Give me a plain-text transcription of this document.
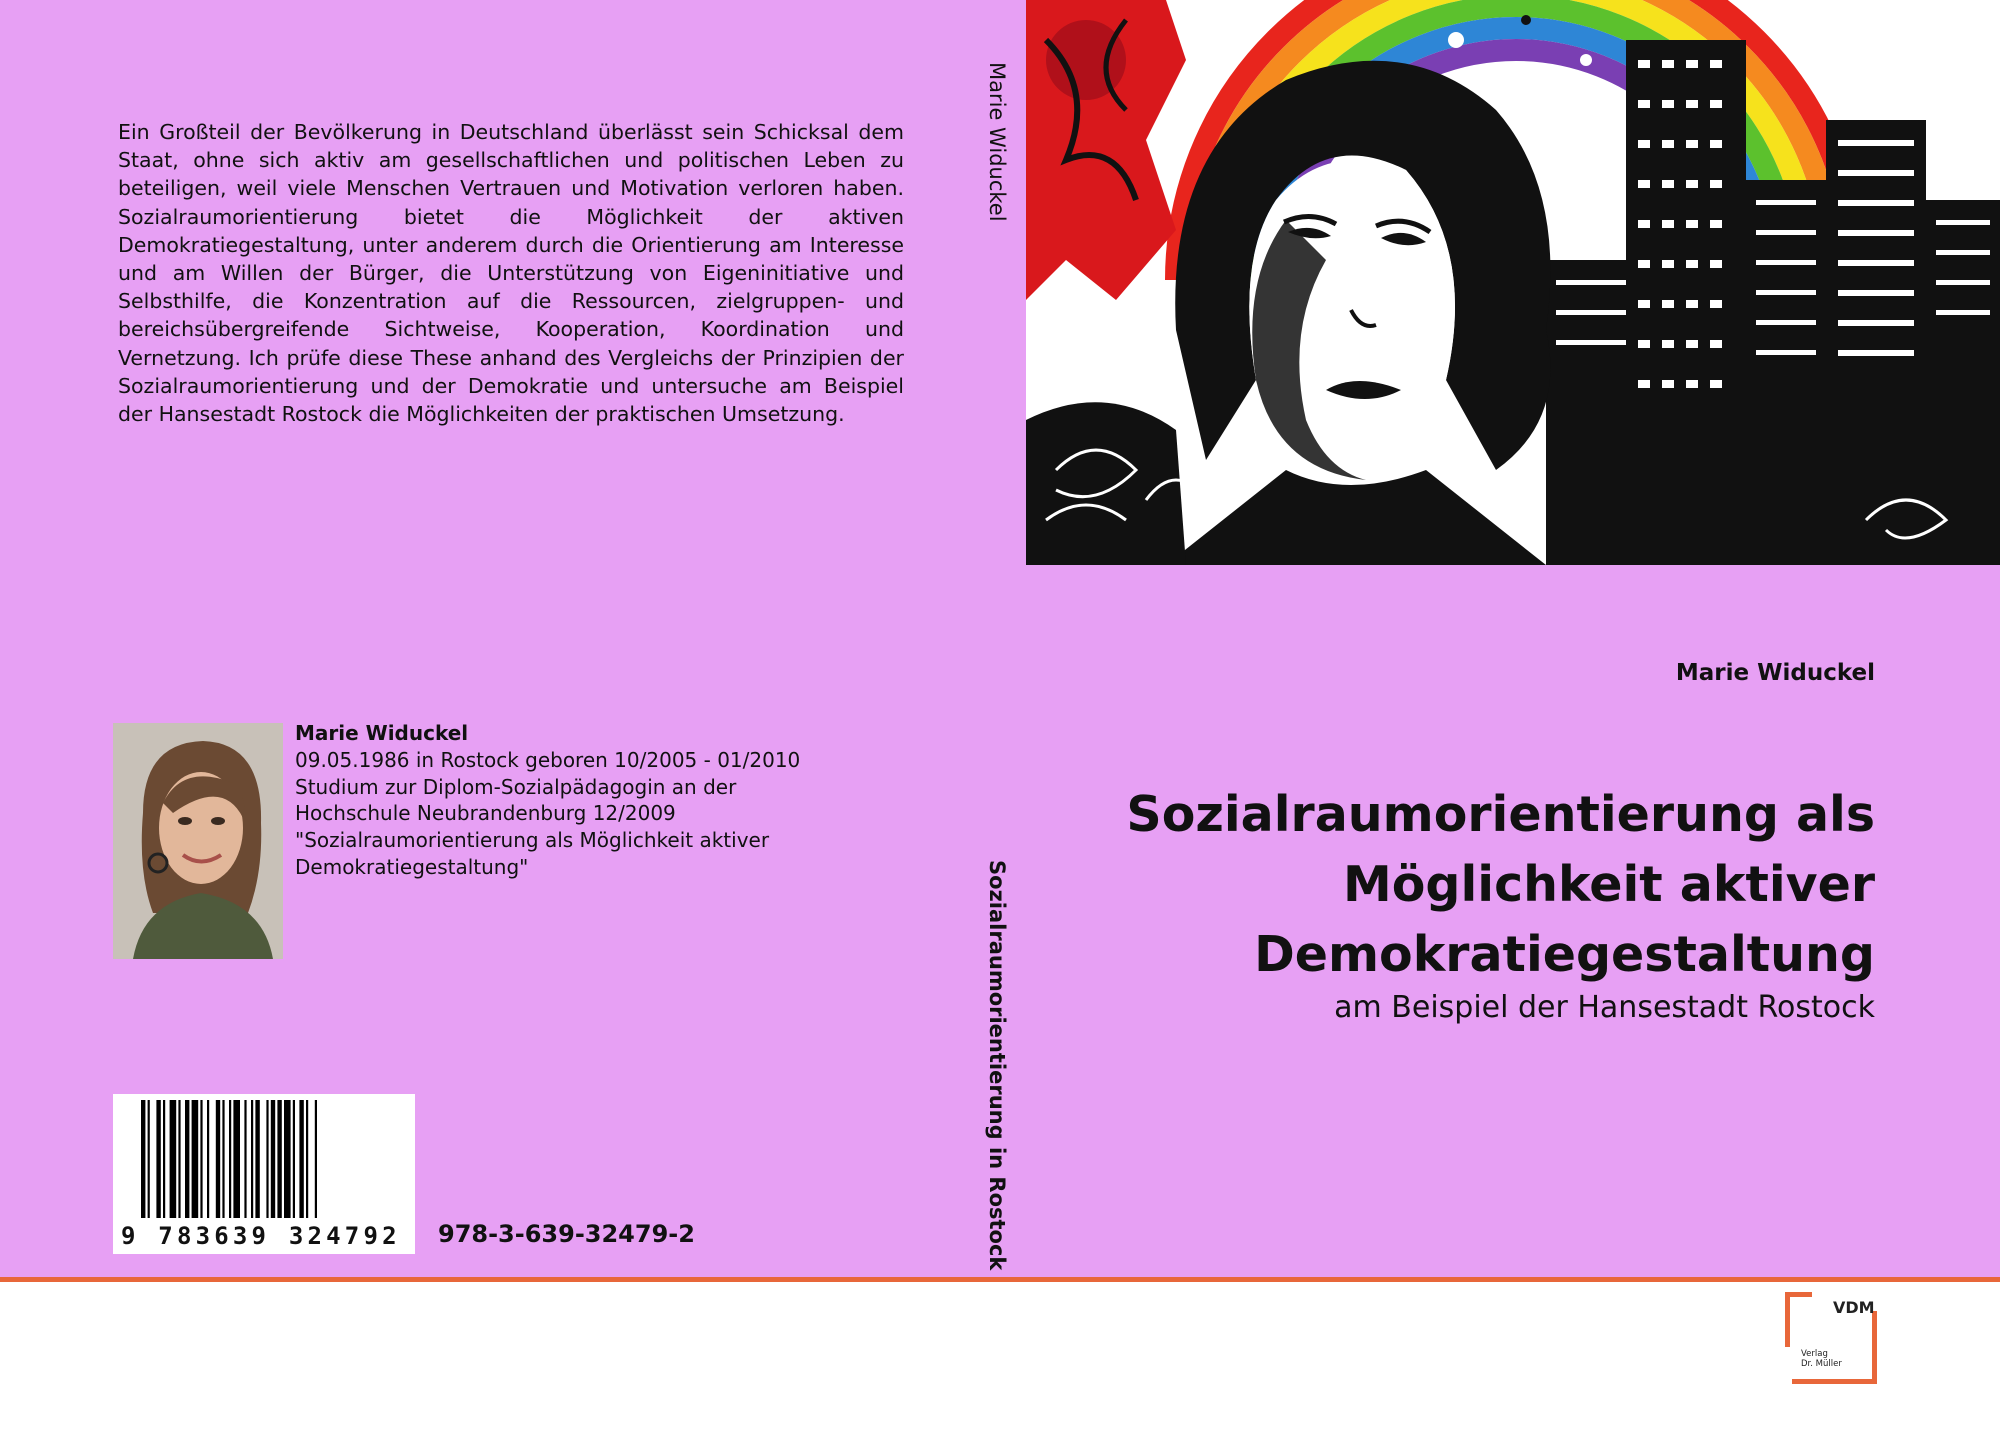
Ein Großteil der Bevölkerung in Deutschland überlässt sein Schicksal dem Staat, ohne sich aktiv am gesellschaftlichen und politischen Leben zu beteiligen, weil viele Menschen Vertrauen und Motivation verloren haben. Sozialraumorientierung bietet die Möglichkeit der aktiven Demokratiegestaltung, unter anderem durch die Orientierung am Interesse und am Willen der Bürger, die Unterstützung von Eigeninitiative und Selbsthilfe, die Konzentration auf die Ressourcen, zielgruppen- und bereichsübergreifende Sichtweise, Kooperation, Koordination und Vernetzung. Ich prüfe diese These anhand des Vergleichs der Prinzipien der Sozialraumorientierung und der Demokratie und untersuche am Beispiel der Hansestadt Rostock die Möglichkeiten der praktischen Umsetzung.

Marie Widuckel
Sozialraumorientierung in Rostock
Marie Widuckel
Sozialraumorientierung als
Möglichkeit aktiver
Demokratiegestaltung
am Beispiel der Hansestadt Rostock
Marie Widuckel
09.05.1986 in Rostock geboren 10/2005 - 01/2010
Studium zur Diplom-Sozialpädagogin an der
Hochschule Neubrandenburg 12/2009
"Sozialraumorientierung als Möglichkeit aktiver
Demokratiegestaltung"
9 783639 324792	978-3-639-32479-2
VDM
Verlag
Dr. Müller
